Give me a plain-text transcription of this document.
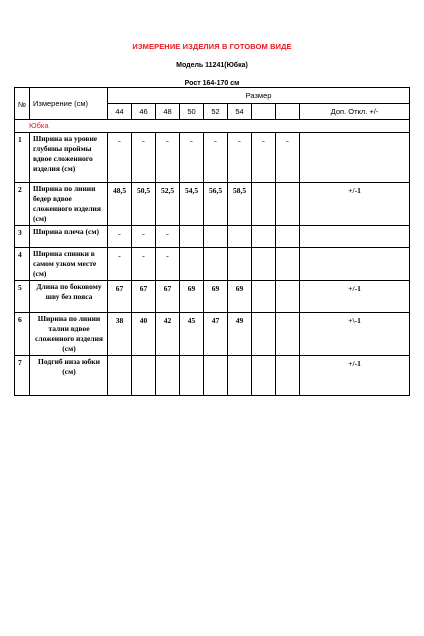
ИЗМЕРЕНИЕ ИЗДЕЛИЯ В ГОТОВОМ ВИДЕ
Модель 11241(Юбка)
Рост 164-170 см
№	Измерение (см)	Размер								
		44	46	48	50	52	54			Доп. Откл. +/-
Юбка										
1	Ширина на уровне глубины проймы вдвое сложенного изделия (см)	-	-	-	-	-	-	-	-	
2	Ширина по линии бедер вдвое сложенного изделия (см)	48,5	50,5	52,5	54,5	56,5	58,5			+/-1
3	Ширина плеча (см)	-	-	-						
4	Ширина спинки в самом узком месте (см)	-	-	-						
5	Длина по боковому шву без пояса	67	67	67	69	69	69			+/-1
6	Ширина по линии талии вдвое сложенного изделия (см)	38	40	42	45	47	49			+\-1
7	Подгиб низа юбки (см)									+/-1
